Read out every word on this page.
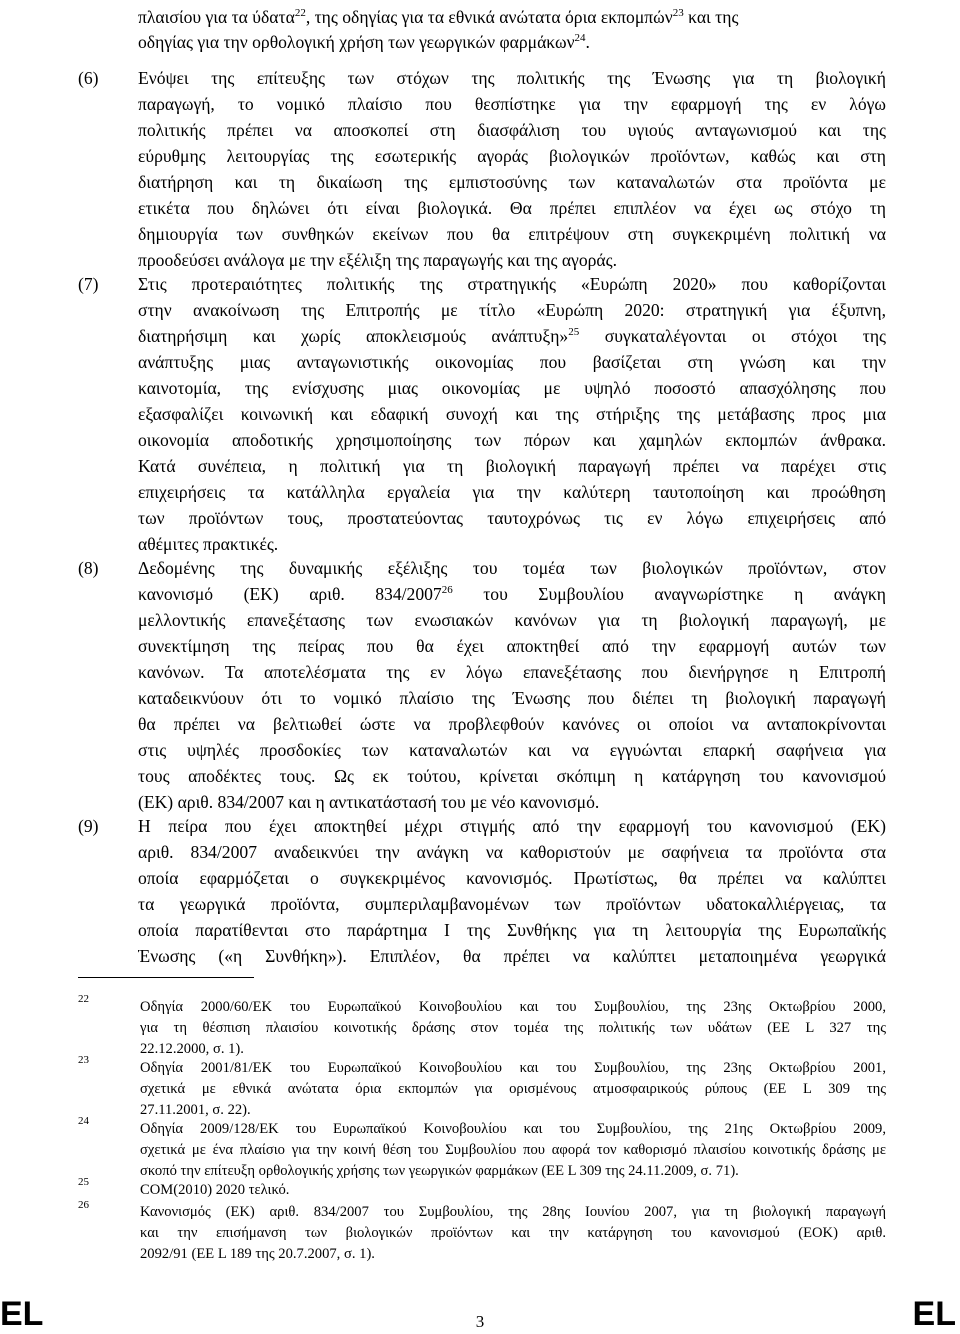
πλαισίου για τα ύδατα$^{22}$, της οδηγίας για τα εθνικά ανώτατα όρια εκπομπών$^{23}$ και της
οδηγίας για την ορθολογική χρήση των γεωργικών φαρμάκων$^{24}$.
(6) Ενόψει της επίτευξης των στόχων της πολιτικής της Ένωσης για τη βιολογική
παραγωγή, το νομικό πλαίσιο που θεσπίστηκε για την εφαρμογή της εν λόγω
πολιτικής πρέπει να αποσκοπεί στη διασφάλιση του υγιούς ανταγωνισμού και της
εύρυθμης λειτουργίας της εσωτερικής αγοράς βιολογικών προϊόντων, καθώς και στη
διατήρηση και τη δικαίωση της εμπιστοσύνης των καταναλωτών στα προϊόντα με
ετικέτα που δηλώνει ότι είναι βιολογικά. Θα πρέπει επιπλέον να έχει ως στόχο τη
δημιουργία των συνθηκών εκείνων που θα επιτρέψουν στη συγκεκριμένη πολιτική να
προοδεύσει ανάλογα με την εξέλιξη της παραγωγής και της αγοράς.
(7) Στις προτεραιότητες πολιτικής της στρατηγικής «Ευρώπη 2020» που καθορίζονται
στην ανακοίνωση της Επιτροπής με τίτλο «Ευρώπη 2020: στρατηγική για έξυπνη,
διατηρήσιμη και χωρίς αποκλεισμούς ανάπτυξη»$^{25}$ συγκαταλέγονται οι στόχοι της
ανάπτυξης μιας ανταγωνιστικής οικονομίας που βασίζεται στη γνώση και την
καινοτομία, της ενίσχυσης μιας οικονομίας με υψηλό ποσοστό απασχόλησης που
εξασφαλίζει κοινωνική και εδαφική συνοχή και της στήριξης της μετάβασης προς μια
οικονομία αποδοτικής χρησιμοποίησης των πόρων και χαμηλών εκπομπών άνθρακα.
Κατά συνέπεια, η πολιτική για τη βιολογική παραγωγή πρέπει να παρέχει στις
επιχειρήσεις τα κατάλληλα εργαλεία για την καλύτερη ταυτοποίηση και προώθηση
των προϊόντων τους, προστατεύοντας ταυτοχρόνως τις εν λόγω επιχειρήσεις από
αθέμιτες πρακτικές.
(8) Δεδομένης της δυναμικής εξέλιξης του τομέα των βιολογικών προϊόντων, στον
κανονισμό (ΕΚ) αριθ. 834/2007$^{26}$ του Συμβουλίου αναγνωρίστηκε η ανάγκη
μελλοντικής επανεξέτασης των ενωσιακών κανόνων για τη βιολογική παραγωγή, με
συνεκτίμηση της πείρας που θα έχει αποκτηθεί από την εφαρμογή αυτών των
κανόνων. Τα αποτελέσματα της εν λόγω επανεξέτασης που διενήργησε η Επιτροπή
καταδεικνύουν ότι το νομικό πλαίσιο της Ένωσης που διέπει τη βιολογική παραγωγή
θα πρέπει να βελτιωθεί ώστε να προβλεφθούν κανόνες οι οποίοι να ανταποκρίνονται
στις υψηλές προσδοκίες των καταναλωτών και να εγγυώνται επαρκή σαφήνεια για
τους αποδέκτες τους. Ως εκ τούτου, κρίνεται σκόπιμη η κατάργηση του κανονισμού
(ΕΚ) αριθ. 834/2007 και η αντικατάστασή του με νέο κανονισμό.
(9) Η πείρα που έχει αποκτηθεί μέχρι στιγμής από την εφαρμογή του κανονισμού (ΕΚ)
αριθ. 834/2007 αναδεικνύει την ανάγκη να καθοριστούν με σαφήνεια τα προϊόντα στα
οποία εφαρμόζεται ο συγκεκριμένος κανονισμός. Πρωτίστως, θα πρέπει να καλύπτει
τα γεωργικά προϊόντα, συμπεριλαμβανομένων των προϊόντων υδατοκαλλιέργειας, τα
οποία παρατίθενται στο παράρτημα Ι της Συνθήκης για τη λειτουργία της Ευρωπαϊκής
Ένωσης («η Συνθήκη»). Επιπλέον, θα πρέπει να καλύπτει μεταποιημένα γεωργικά
22	Οδηγία 2000/60/ΕΚ του Ευρωπαϊκού Κοινοβουλίου και του Συμβουλίου, της 23ης Οκτωβρίου 2000,
για τη θέσπιση πλαισίου κοινοτικής δράσης στον τομέα της πολιτικής των υδάτων (ΕΕ L 327 της
22.12.2000, σ. 1).
23	Οδηγία 2001/81/ΕΚ του Ευρωπαϊκού Κοινοβουλίου και του Συμβουλίου, της 23ης Οκτωβρίου 2001,
σχετικά με εθνικά ανώτατα όρια εκπομπών για ορισμένους ατμοσφαιρικούς ρύπους (ΕΕ L 309 της
27.11.2001, σ. 22).
24	Οδηγία 2009/128/ΕΚ του Ευρωπαϊκού Κοινοβουλίου και του Συμβουλίου, της 21ης Οκτωβρίου 2009,
σχετικά με ένα πλαίσιο για την κοινή θέση του Συμβουλίου που αφορά τον καθορισμό πλαισίου κοινοτικής δράσης με
σκοπό την επίτευξη ορθολογικής χρήσης των γεωργικών φαρμάκων (ΕΕ L 309 της 24.11.2009, σ. 71).
25	COM(2010) 2020 τελικό.
26	Κανονισμός (ΕΚ) αριθ. 834/2007 του Συμβουλίου, της 28ης Ιουνίου 2007, για τη βιολογική παραγωγή
και την επισήμανση των βιολογικών προϊόντων και την κατάργηση του κανονισμού (ΕΟΚ) αριθ.
2092/91 (ΕΕ L 189 της 20.7.2007, σ. 1).
EL	3	EL
